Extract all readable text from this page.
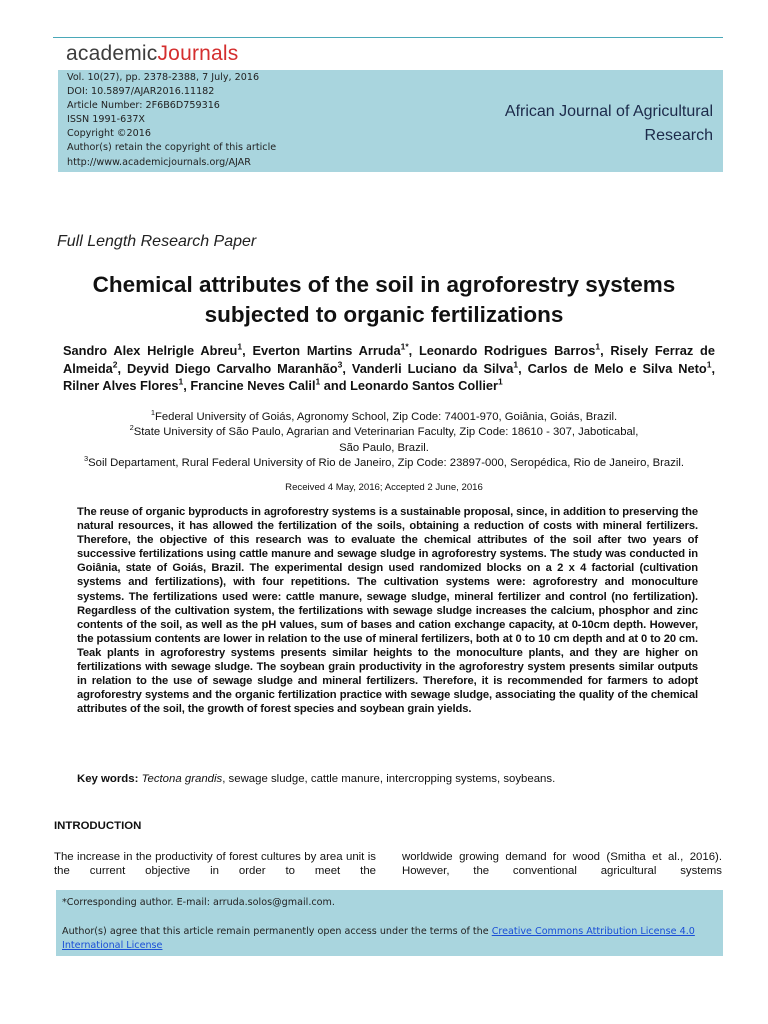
academicJournals
Vol. 10(27), pp. 2378-2388, 7 July, 2016
DOI: 10.5897/AJAR2016.11182
Article Number: 2F6B6D759316
ISSN 1991-637X
Copyright ©2016
Author(s) retain the copyright of this article
http://www.academicjournals.org/AJAR
African Journal of Agricultural
Research
Full Length Research Paper
Chemical attributes of the soil in agroforestry systems
subjected to organic fertilizations
Sandro Alex Helrigle Abreu$^1$, Everton Martins Arruda$^{1*}$, Leonardo Rodrigues Barros$^1$, Risely Ferraz de Almeida$^2$, Deyvid Diego Carvalho Maranhão$^3$, Vanderli Luciano da Silva$^1$, Carlos de Melo e Silva Neto$^1$, Rilner Alves Flores$^1$, Francine Neves Calil$^1$ and Leonardo Santos Collier$^1$
$^1$Federal University of Goiás, Agronomy School, Zip Code: 74001-970, Goiânia, Goiás, Brazil.
$^2$State University of São Paulo, Agrarian and Veterinarian Faculty, Zip Code: 18610 - 307, Jaboticabal,
São Paulo, Brazil.
$^3$Soil Departament, Rural Federal University of Rio de Janeiro, Zip Code: 23897-000, Seropédica, Rio de Janeiro, Brazil.
Received 4 May, 2016; Accepted 2 June, 2016
The reuse of organic byproducts in agroforestry systems is a sustainable proposal, since, in addition to preserving the natural resources, it has allowed the fertilization of the soils, obtaining a reduction of costs with mineral fertilizers. Therefore, the objective of this research was to evaluate the chemical attributes of the soil after two years of successive fertilizations using cattle manure and sewage sludge in agroforestry systems. The study was conducted in Goiânia, state of Goiás, Brazil. The experimental design used randomized blocks on a 2 x 4 factorial (cultivation systems and fertilizations), with four repetitions. The cultivation systems were: agroforestry and monoculture systems. The fertilizations used were: cattle manure, sewage sludge, mineral fertilizer and control (no fertilization). Regardless of the cultivation system, the fertilizations with sewage sludge increases the calcium, phosphor and zinc contents of the soil, as well as the pH values, sum of bases and cation exchange capacity, at 0-10cm depth. However, the potassium contents are lower in relation to the use of mineral fertilizers, both at 0 to 10 cm depth and at 0 to 20 cm. Teak plants in agroforestry systems presents similar heights to the monoculture plants, and they are higher on fertilizations with sewage sludge. The soybean grain productivity in the agroforestry system presents similar outputs in relation to the use of sewage sludge and mineral fertilizers. Therefore, it is recommended for farmers to adopt agroforestry systems and the organic fertilization practice with sewage sludge, associating the quality of the chemical attributes of the soil, the growth of forest species and soybean grain yields.
Key words: Tectona grandis, sewage sludge, cattle manure, intercropping systems, soybeans.
INTRODUCTION
The increase in the productivity of forest cultures by area unit is the current objective in order to meet the
worldwide growing demand for wood (Smitha et al., 2016). However, the conventional agricultural systems
*Corresponding author. E-mail: arruda.solos@gmail.com.
Author(s) agree that this article remain permanently open access under the terms of the Creative Commons Attribution License 4.0 International License
